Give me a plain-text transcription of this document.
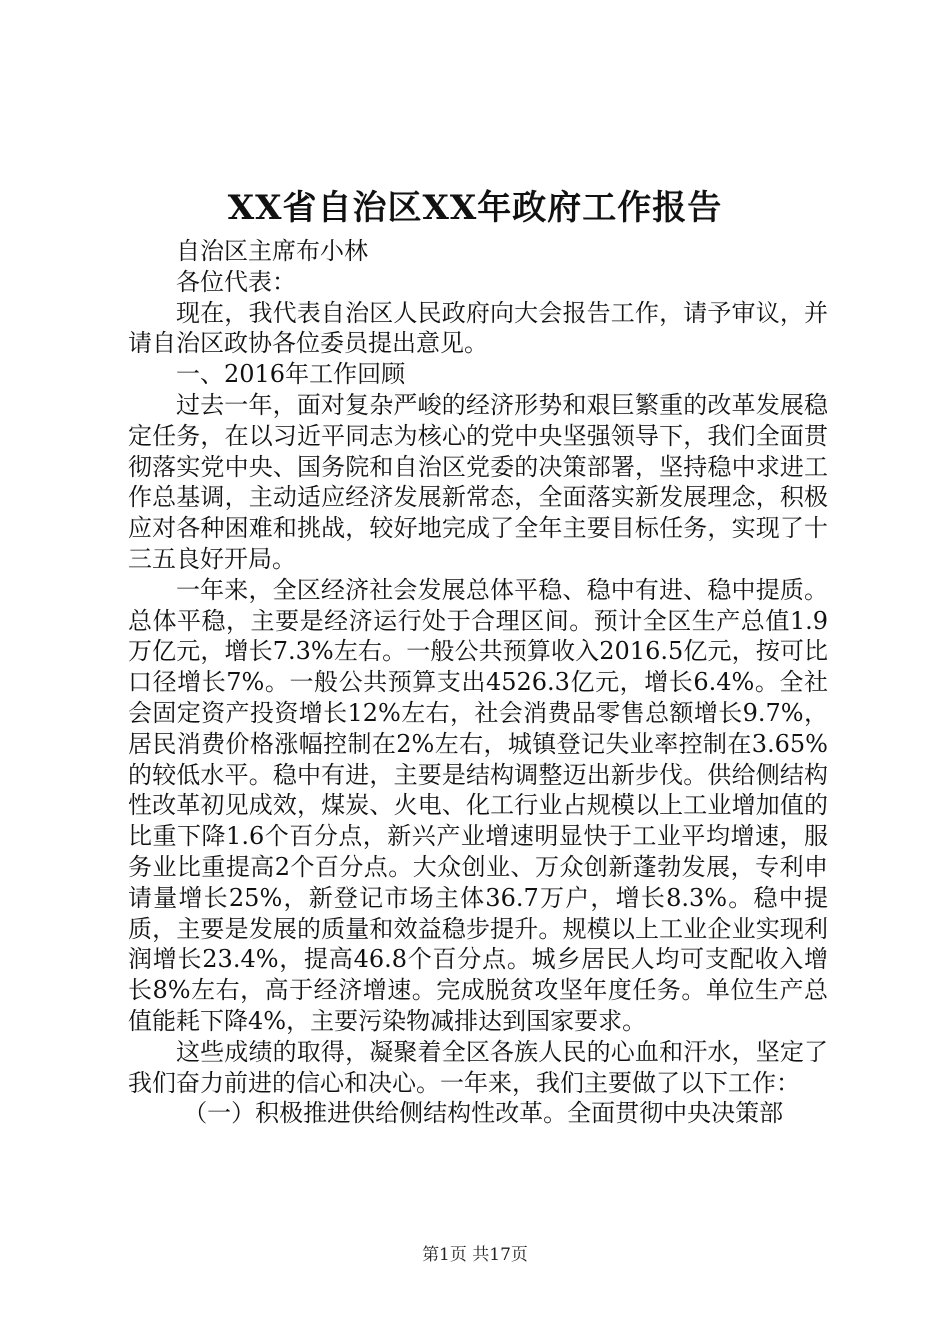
XX省自治区XX年政府工作报告

自治区主席布小林

各位代表：

现在，我代表自治区人民政府向大会报告工作，请予审议，并请自治区政协各位委员提出意见。

一、2016年工作回顾

过去一年，面对复杂严峻的经济形势和艰巨繁重的改革发展稳定任务，在以习近平同志为核心的党中央坚强领导下，我们全面贯彻落实党中央、国务院和自治区党委的决策部署，坚持稳中求进工作总基调，主动适应经济发展新常态，全面落实新发展理念，积极应对各种困难和挑战，较好地完成了全年主要目标任务，实现了十三五良好开局。

一年来，全区经济社会发展总体平稳、稳中有进、稳中提质。总体平稳，主要是经济运行处于合理区间。预计全区生产总值1.9万亿元，增长7.3%左右。一般公共预算收入2016.5亿元，按可比口径增长7%。一般公共预算支出4526.3亿元，增长6.4%。全社会固定资产投资增长12%左右，社会消费品零售总额增长9.7%，居民消费价格涨幅控制在2%左右，城镇登记失业率控制在3.65%的较低水平。稳中有进，主要是结构调整迈出新步伐。供给侧结构性改革初见成效，煤炭、火电、化工行业占规模以上工业增加值的比重下降1.6个百分点，新兴产业增速明显快于工业平均增速，服务业比重提高2个百分点。大众创业、万众创新蓬勃发展，专利申请量增长25%，新登记市场主体36.7万户，增长8.3%。稳中提质，主要是发展的质量和效益稳步提升。规模以上工业企业实现利润增长23.4%，提高46.8个百分点。城乡居民人均可支配收入增长8%左右，高于经济增速。完成脱贫攻坚年度任务。单位生产总值能耗下降4%，主要污染物减排达到国家要求。

这些成绩的取得，凝聚着全区各族人民的心血和汗水，坚定了我们奋力前进的信心和决心。一年来，我们主要做了以下工作：

（一）积极推进供给侧结构性改革。全面贯彻中央决策部

第1页 共17页
